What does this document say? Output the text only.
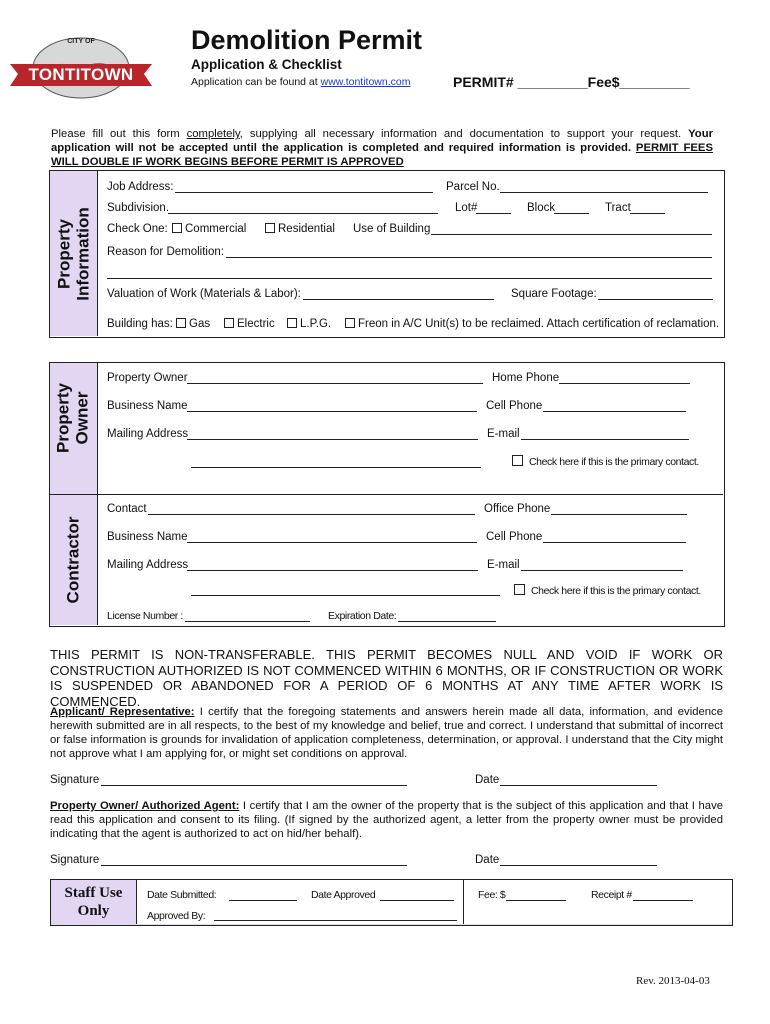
CITY OF
TONTITOWN
Demolition Permit
Application & Checklist
Application can be found at www.tontitown.com	PERMIT# _________Fee$_________
Please fill out this form completely, supplying all necessary information and documentation to support your request. Your application will not be accepted until the application is completed and required information is provided. PERMIT FEES WILL DOUBLE IF WORK BEGINS BEFORE PERMIT IS APPROVED
Property Information
Job Address:	Parcel No.
Subdivision.	Lot#	Block	Tract
Check One:	Commercial	Residential Use of Building
Reason for Demolition:
Valuation of Work (Materials & Labor):	Square Footage:
Building has:	Gas	Electric	L.P.G.	Freon in A/C Unit(s) to be reclaimed. Attach certification of reclamation.
Property Owner
Contractor
Property Owner	Home Phone
Business Name	Cell Phone
Mailing Address	E-mail
Check here if this is the primary contact.
Contact	Office Phone
Business Name	Cell Phone
Mailing Address	E-mail
Check here if this is the primary contact.
License Number :	Expiration Date:
THIS PERMIT IS NON-TRANSFERABLE. THIS PERMIT BECOMES NULL AND VOID IF WORK OR CONSTRUCTION AUTHORIZED IS NOT COMMENCED WITHIN 6 MONTHS, OR IF CONSTRUCTION OR WORK IS SUSPENDED OR ABANDONED FOR A PERIOD OF 6 MONTHS AT ANY TIME AFTER WORK IS COMMENCED.
Applicant/ Representative: I certify that the foregoing statements and answers herein made all data, information, and evidence herewith submitted are in all respects, to the best of my knowledge and belief, true and correct. I understand that submittal of incorrect or false information is grounds for invalidation of application completeness, determination, or approval. I understand that the City might not approve what I am applying for, or might set conditions on approval.
Signature	Date
Property Owner/ Authorized Agent: I certify that I am the owner of the property that is the subject of this application and that I have read this application and consent to its filing. (If signed by the authorized agent, a letter from the property owner must be provided indicating that the agent is authorized to act on hid/her behalf).
Signature	Date
Staff Use
Only
Date Submitted:	Date Approved	Fee: $	Receipt #
Approved By:
Rev. 2013-04-03
